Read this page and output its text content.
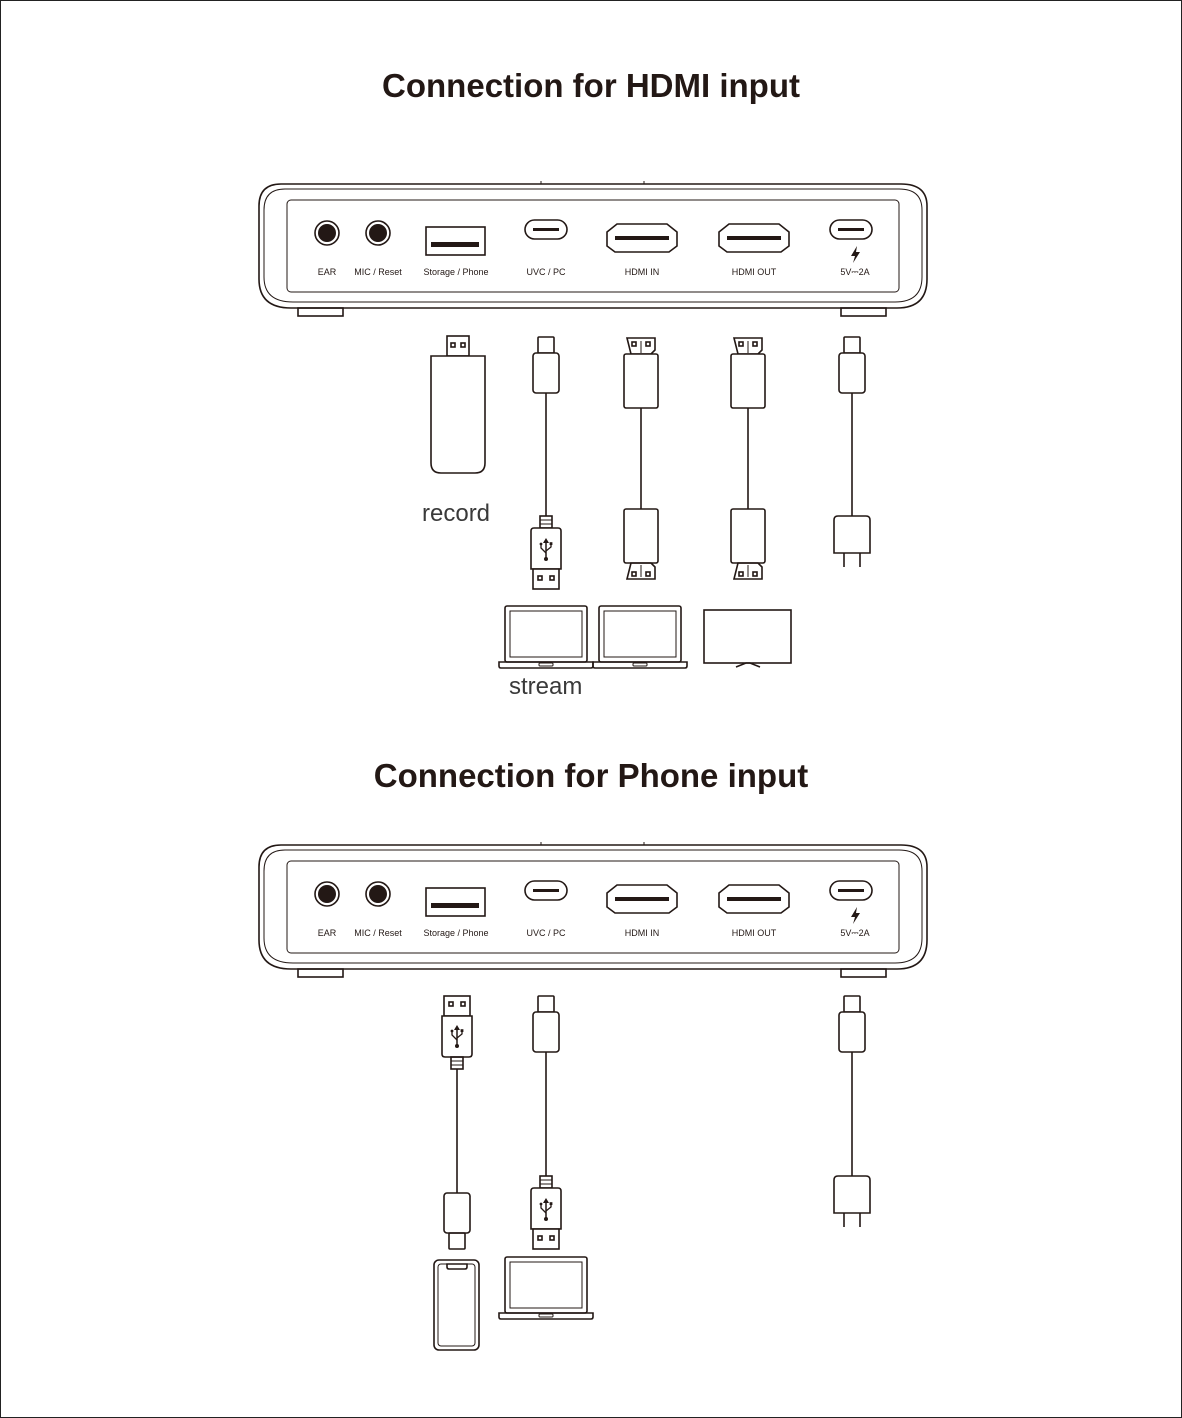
Connection for HDMI input
Connection for Phone input
record
stream
EAR MIC / Reset Storage / Phone	UVC / PC	HDMI IN	HDMI OUT	5V⎓2A
EAR MIC / Reset Storage / Phone	UVC / PC	HDMI IN	HDMI OUT	5V⎓2A
